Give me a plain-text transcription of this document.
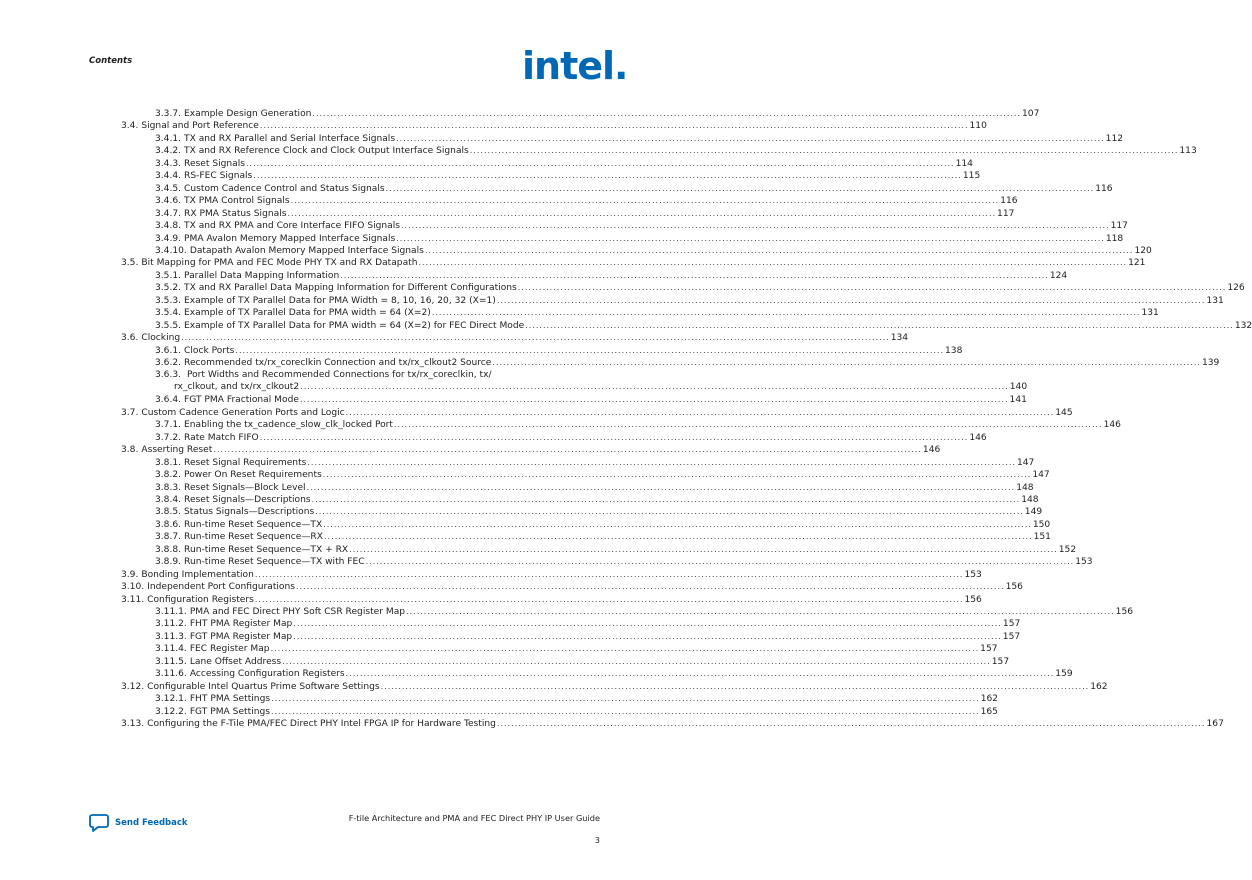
Contents	intel.
3.3.7. Example Design Generation ........................................................................................................................................................................................................ 107
3.4. Signal and Port Reference ........................................................................................................................................................................................................ 110
3.4.1. TX and RX Parallel and Serial Interface Signals ........................................................................................................................................................................................................ 112
3.4.2. TX and RX Reference Clock and Clock Output Interface Signals ........................................................................................................................................................................................................ 113
3.4.3. Reset Signals ........................................................................................................................................................................................................ 114
3.4.4. RS-FEC Signals ........................................................................................................................................................................................................ 115
3.4.5. Custom Cadence Control and Status Signals ........................................................................................................................................................................................................ 116
3.4.6. TX PMA Control Signals ........................................................................................................................................................................................................ 116
3.4.7. RX PMA Status Signals ........................................................................................................................................................................................................ 117
3.4.8. TX and RX PMA and Core Interface FIFO Signals ........................................................................................................................................................................................................ 117
3.4.9. PMA Avalon Memory Mapped Interface Signals ........................................................................................................................................................................................................ 118
3.4.10. Datapath Avalon Memory Mapped Interface Signals ........................................................................................................................................................................................................ 120
3.5. Bit Mapping for PMA and FEC Mode PHY TX and RX Datapath ........................................................................................................................................................................................................ 121
3.5.1. Parallel Data Mapping Information ........................................................................................................................................................................................................ 124
3.5.2. TX and RX Parallel Data Mapping Information for Different Configurations ........................................................................................................................................................................................................ 126
3.5.3. Example of TX Parallel Data for PMA Width = 8, 10, 16, 20, 32 (X=1) ........................................................................................................................................................................................................ 131
3.5.4. Example of TX Parallel Data for PMA width = 64 (X=2) ........................................................................................................................................................................................................ 131
3.5.5. Example of TX Parallel Data for PMA width = 64 (X=2) for FEC Direct Mode ........................................................................................................................................................................................................ 132
3.6. Clocking ........................................................................................................................................................................................................ 134
3.6.1. Clock Ports ........................................................................................................................................................................................................ 138
3.6.2. Recommended tx/rx_coreclkin Connection and tx/rx_clkout2 Source ........................................................................................................................................................................................................ 139
3.6.3. Port Widths and Recommended Connections for tx/rx_coreclkin, tx/
rx_clkout, and tx/rx_clkout2 ........................................................................................................................................................................................................ 140
3.6.4. FGT PMA Fractional Mode ........................................................................................................................................................................................................ 141
3.7. Custom Cadence Generation Ports and Logic ........................................................................................................................................................................................................ 145
3.7.1. Enabling the tx_cadence_slow_clk_locked Port ........................................................................................................................................................................................................ 146
3.7.2. Rate Match FIFO ........................................................................................................................................................................................................ 146
3.8. Asserting Reset ........................................................................................................................................................................................................ 146
3.8.1. Reset Signal Requirements ........................................................................................................................................................................................................ 147
3.8.2. Power On Reset Requirements ........................................................................................................................................................................................................ 147
3.8.3. Reset Signals—Block Level ........................................................................................................................................................................................................ 148
3.8.4. Reset Signals—Descriptions ........................................................................................................................................................................................................ 148
3.8.5. Status Signals—Descriptions ........................................................................................................................................................................................................ 149
3.8.6. Run-time Reset Sequence—TX ........................................................................................................................................................................................................ 150
3.8.7. Run-time Reset Sequence—RX ........................................................................................................................................................................................................ 151
3.8.8. Run-time Reset Sequence—TX + RX ........................................................................................................................................................................................................ 152
3.8.9. Run-time Reset Sequence—TX with FEC ........................................................................................................................................................................................................ 153
3.9. Bonding Implementation ........................................................................................................................................................................................................ 153
3.10. Independent Port Configurations ........................................................................................................................................................................................................ 156
3.11. Configuration Registers ........................................................................................................................................................................................................ 156
3.11.1. PMA and FEC Direct PHY Soft CSR Register Map ........................................................................................................................................................................................................ 156
3.11.2. FHT PMA Register Map ........................................................................................................................................................................................................ 157
3.11.3. FGT PMA Register Map ........................................................................................................................................................................................................ 157
3.11.4. FEC Register Map ........................................................................................................................................................................................................ 157
3.11.5. Lane Offset Address ........................................................................................................................................................................................................ 157
3.11.6. Accessing Configuration Registers ........................................................................................................................................................................................................ 159
3.12. Configurable Intel Quartus Prime Software Settings ........................................................................................................................................................................................................ 162
3.12.1. FHT PMA Settings ........................................................................................................................................................................................................ 162
3.12.2. FGT PMA Settings ........................................................................................................................................................................................................ 165
3.13. Configuring the F-Tile PMA/FEC Direct PHY Intel FPGA IP for Hardware Testing ........................................................................................................................................................................................................ 167
Send Feedback	F-tile Architecture and PMA and FEC Direct PHY IP User Guide
3
